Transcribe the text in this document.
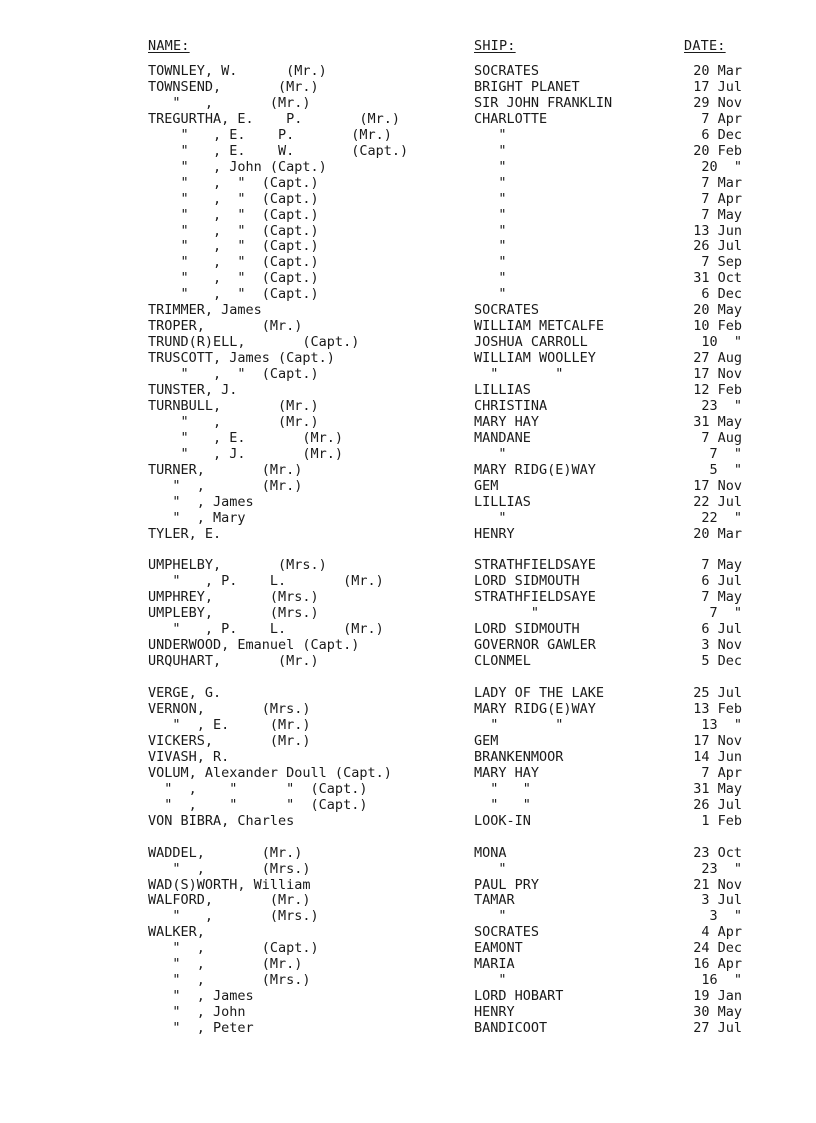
NAME:	SHIP:	DATE:
TOWNLEY, W.      (Mr.)	SOCRATES	20 Mar
TOWNSEND,       (Mr.)	BRIGHT PLANET	17 Jul
"   ,       (Mr.)	SIR JOHN FRANKLIN	29 Nov
TREGURTHA, E.    P.       (Mr.)	CHARLOTTE	7 Apr
"   , E.    P.       (Mr.)	"	6 Dec
"   , E.    W.       (Capt.)	"	20 Feb
"   , John (Capt.)	"	20  "
"   ,  "  (Capt.)	"	7 Mar
"   ,  "  (Capt.)	"	7 Apr
"   ,  "  (Capt.)	"	7 May
"   ,  "  (Capt.)	"	13 Jun
"   ,  "  (Capt.)	"	26 Jul
"   ,  "  (Capt.)	"	7 Sep
"   ,  "  (Capt.)	"	31 Oct
"   ,  "  (Capt.)	"	6 Dec
TRIMMER, James	SOCRATES	20 May
TROPER,       (Mr.)	WILLIAM METCALFE	10 Feb
TRUND(R)ELL,       (Capt.)	JOSHUA CARROLL	10  "
TRUSCOTT, James (Capt.)	WILLIAM WOOLLEY	27 Aug
"   ,  "  (Capt.)	"       "	17 Nov
TUNSTER, J.	LILLIAS	12 Feb
TURNBULL,       (Mr.)	CHRISTINA	23  "
"   ,       (Mr.)	MARY HAY	31 May
"   , E.       (Mr.)	MANDANE	7 Aug
"   , J.       (Mr.)	"	7  "
TURNER,       (Mr.)	MARY RIDG(E)WAY	5  "
"  ,       (Mr.)	GEM	17 Nov
"  , James	LILLIAS	22 Jul
"  , Mary	"	22  "
TYLER, E.	HENRY	20 Mar
UMPHELBY,       (Mrs.)	STRATHFIELDSAYE	7 May
"   , P.    L.       (Mr.)	LORD SIDMOUTH	6 Jul
UMPHREY,       (Mrs.)	STRATHFIELDSAYE	7 May
UMPLEBY,       (Mrs.)	"	7  "
"   , P.    L.       (Mr.)	LORD SIDMOUTH	6 Jul
UNDERWOOD, Emanuel (Capt.)	GOVERNOR GAWLER	3 Nov
URQUHART,       (Mr.)	CLONMEL	5 Dec
VERGE, G.	LADY OF THE LAKE	25 Jul
VERNON,       (Mrs.)	MARY RIDG(E)WAY	13 Feb
"  , E.     (Mr.)	"       "	13  "
VICKERS,       (Mr.)	GEM	17 Nov
VIVASH, R.	BRANKENMOOR	14 Jun
VOLUM, Alexander Doull (Capt.)	MARY HAY	7 Apr
"  ,    "      "  (Capt.)	"   "	31 May
"  ,    "      "  (Capt.)	"   "	26 Jul
VON BIBRA, Charles	LOOK-IN	1 Feb
WADDEL,       (Mr.)	MONA	23 Oct
"  ,       (Mrs.)	"	23  "
WAD(S)WORTH, William	PAUL PRY	21 Nov
WALFORD,       (Mr.)	TAMAR	3 Jul
"   ,       (Mrs.)	"	3  "
WALKER,	SOCRATES	4 Apr
"  ,       (Capt.)	EAMONT	24 Dec
"  ,       (Mr.)	MARIA	16 Apr
"  ,       (Mrs.)	"	16  "
"  , James	LORD HOBART	19 Jan
"  , John	HENRY	30 May
"  , Peter	BANDICOOT	27 Jul
